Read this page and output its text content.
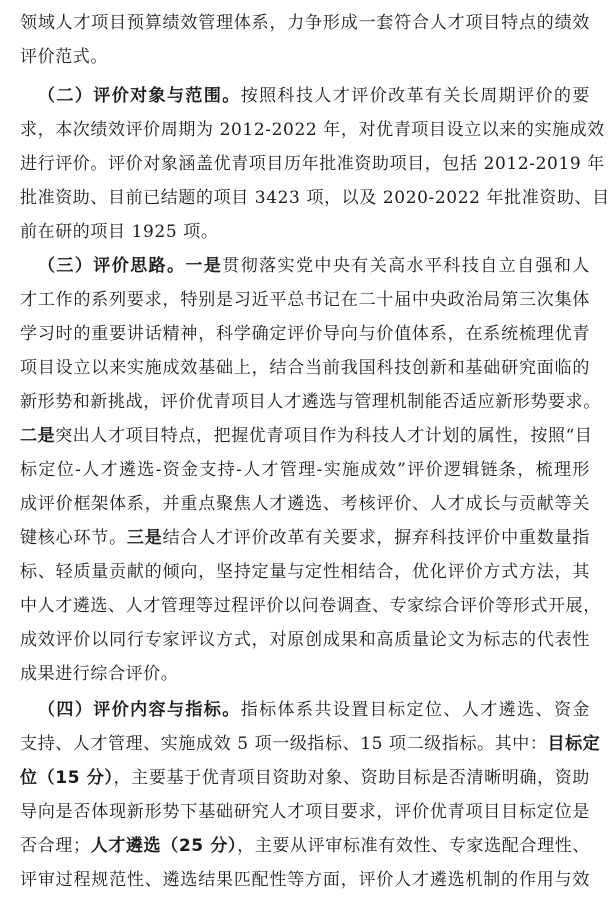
领域人才项目预算绩效管理体系，力争形成一套符合人才项目特点的绩效
评价范式。
（二）评价对象与范围。按照科技人才评价改革有关长周期评价的要
求，本次绩效评价周期为 2012-2022 年，对优青项目设立以来的实施成效
进行评价。评价对象涵盖优青项目历年批准资助项目，包括 2012-2019 年
批准资助、目前已结题的项目 3423 项，以及 2020-2022 年批准资助、目
前在研的项目 1925 项。
（三）评价思路。一是贯彻落实党中央有关高水平科技自立自强和人
才工作的系列要求，特别是习近平总书记在二十届中央政治局第三次集体
学习时的重要讲话精神，科学确定评价导向与价值体系，在系统梳理优青
项目设立以来实施成效基础上，结合当前我国科技创新和基础研究面临的
新形势和新挑战，评价优青项目人才遴选与管理机制能否适应新形势要求。
二是突出人才项目特点，把握优青项目作为科技人才计划的属性，按照“目
标定位-人才遴选-资金支持-人才管理-实施成效”评价逻辑链条，梳理形
成评价框架体系，并重点聚焦人才遴选、考核评价、人才成长与贡献等关
键核心环节。三是结合人才评价改革有关要求，摒弃科技评价中重数量指
标、轻质量贡献的倾向，坚持定量与定性相结合，优化评价方式方法，其
中人才遴选、人才管理等过程评价以问卷调查、专家综合评价等形式开展，
成效评价以同行专家评议方式，对原创成果和高质量论文为标志的代表性
成果进行综合评价。
（四）评价内容与指标。指标体系共设置目标定位、人才遴选、资金
支持、人才管理、实施成效 5 项一级指标、15 项二级指标。其中：目标定
位（15 分），主要基于优青项目资助对象、资助目标是否清晰明确，资助
导向是否体现新形势下基础研究人才项目要求，评价优青项目目标定位是
否合理；人才遴选（25 分），主要从评审标准有效性、专家选配合理性、
评审过程规范性、遴选结果匹配性等方面，评价人才遴选机制的作用与效
